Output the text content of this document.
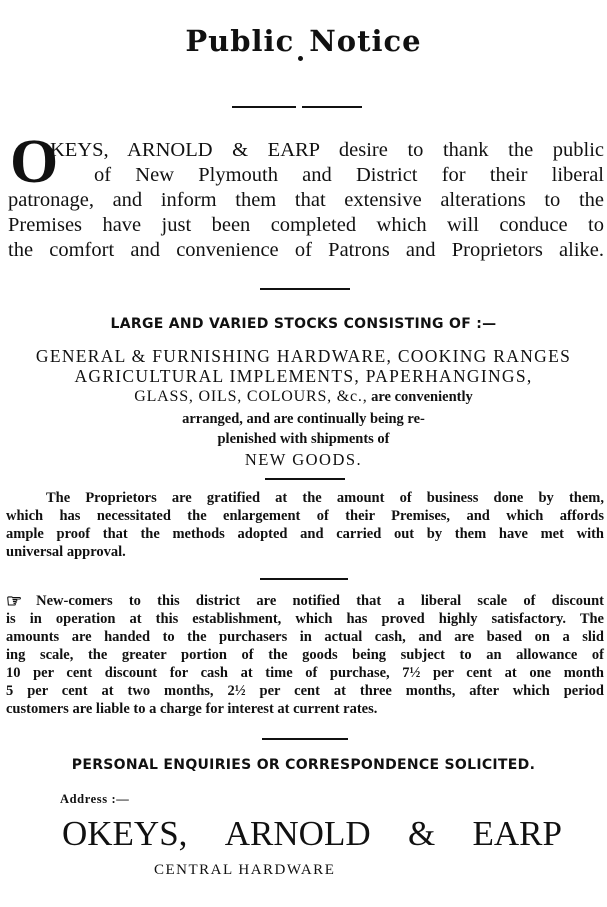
Public Notice
O
KEYS, ARNOLD & EARP desire to thank the public
of New Plymouth and District for their liberal
patronage, and inform them that extensive alterations to the
Premises have just been completed which will conduce to
the comfort and convenience of Patrons and Proprietors alike.
LARGE AND VARIED STOCKS CONSISTING OF :—
GENERAL & FURNISHING HARDWARE, COOKING RANGES
AGRICULTURAL IMPLEMENTS, PAPERHANGINGS,
GLASS, OILS, COLOURS, &c., are conveniently
arranged, and are continually being re-
plenished with shipments of
NEW GOODS.
The Proprietors are gratified at the amount of business done by them,
which has necessitated the enlargement of their Premises, and which affords
ample proof that the methods adopted and carried out by them have met with
universal approval.
☞ New-comers to this district are notified that a liberal scale of discount
is in operation at this establishment, which has proved highly satisfactory. The
amounts are handed to the purchasers in actual cash, and are based on a slid
ing scale, the greater portion of the goods being subject to an allowance of
10 per cent discount for cash at time of purchase, 7½ per cent at one month
5 per cent at two months, 2½ per cent at three months, after which period
customers are liable to a charge for interest at current rates.
PERSONAL ENQUIRIES OR CORRESPONDENCE SOLICITED.
Address :—
OKEYS, ARNOLD & EARP
CENTRAL HARDWARE
